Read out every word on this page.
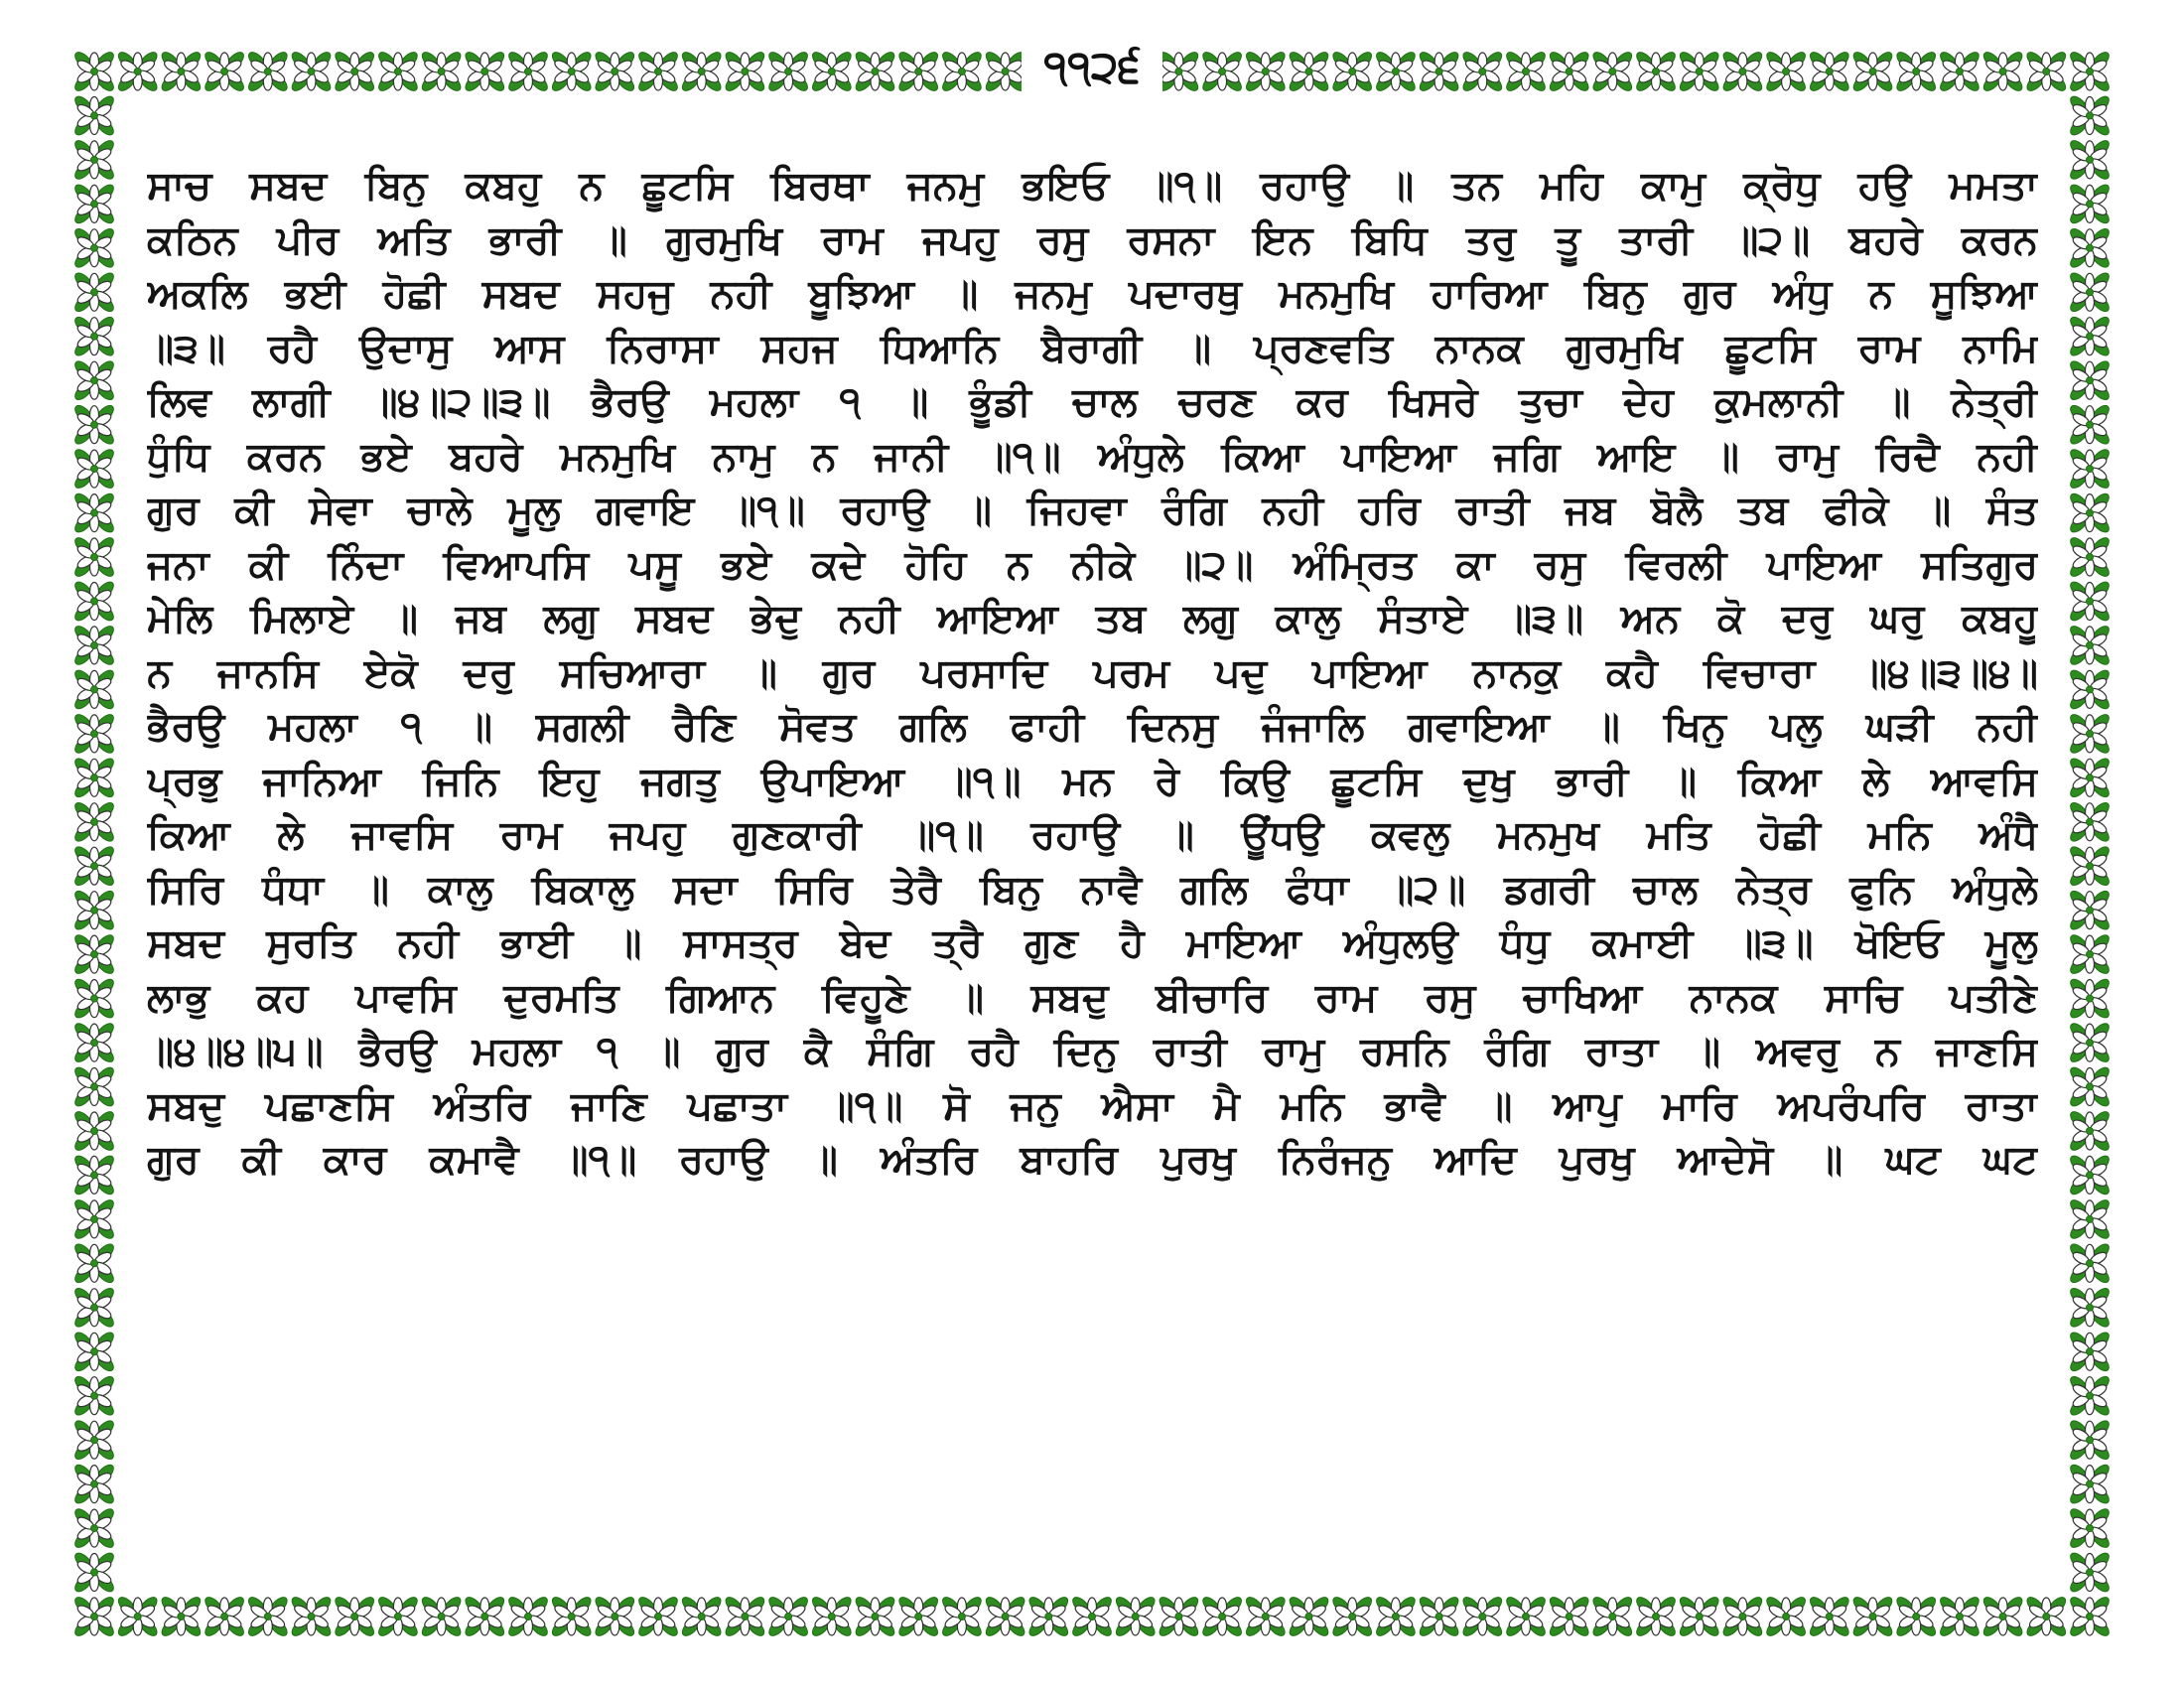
੧੧੨੬
ਸਾਚ ਸਬਦ ਬਿਨੁ ਕਬਹੁ ਨ ਛੂਟਸਿ ਬਿਰਥਾ ਜਨਮੁ ਭਇਓ ॥੧॥ ਰਹਾਉ ॥ ਤਨ ਮਹਿ ਕਾਮੁ ਕ੍ਰੋਧੁ ਹਉ ਮਮਤਾ
ਕਠਿਨ ਪੀਰ ਅਤਿ ਭਾਰੀ ॥ ਗੁਰਮੁਖਿ ਰਾਮ ਜਪਹੁ ਰਸੁ ਰਸਨਾ ਇਨ ਬਿਧਿ ਤਰੁ ਤੂ ਤਾਰੀ ॥੨॥ ਬਹਰੇ ਕਰਨ
ਅਕਲਿ ਭਈ ਹੋਛੀ ਸਬਦ ਸਹਜੁ ਨਹੀ ਬੂਝਿਆ ॥ ਜਨਮੁ ਪਦਾਰਥੁ ਮਨਮੁਖਿ ਹਾਰਿਆ ਬਿਨੁ ਗੁਰ ਅੰਧੁ ਨ ਸੂਝਿਆ
॥੩॥ ਰਹੈ ਉਦਾਸੁ ਆਸ ਨਿਰਾਸਾ ਸਹਜ ਧਿਆਨਿ ਬੈਰਾਗੀ ॥ ਪ੍ਰਣਵਤਿ ਨਾਨਕ ਗੁਰਮੁਖਿ ਛੂਟਸਿ ਰਾਮ ਨਾਮਿ
ਲਿਵ ਲਾਗੀ ॥੪॥੨॥੩॥ ਭੈਰਉ ਮਹਲਾ ੧ ॥ ਭੂੰਡੀ ਚਾਲ ਚਰਣ ਕਰ ਖਿਸਰੇ ਤੁਚਾ ਦੇਹ ਕੁਮਲਾਨੀ ॥ ਨੇਤ੍ਰੀ
ਧੁੰਧਿ ਕਰਨ ਭਏ ਬਹਰੇ ਮਨਮੁਖਿ ਨਾਮੁ ਨ ਜਾਨੀ ॥੧॥ ਅੰਧੁਲੇ ਕਿਆ ਪਾਇਆ ਜਗਿ ਆਇ ॥ ਰਾਮੁ ਰਿਦੈ ਨਹੀ
ਗੁਰ ਕੀ ਸੇਵਾ ਚਾਲੇ ਮੂਲੁ ਗਵਾਇ ॥੧॥ ਰਹਾਉ ॥ ਜਿਹਵਾ ਰੰਗਿ ਨਹੀ ਹਰਿ ਰਾਤੀ ਜਬ ਬੋਲੈ ਤਬ ਫੀਕੇ ॥ ਸੰਤ
ਜਨਾ ਕੀ ਨਿੰਦਾ ਵਿਆਪਸਿ ਪਸੂ ਭਏ ਕਦੇ ਹੋਹਿ ਨ ਨੀਕੇ ॥੨॥ ਅੰਮ੍ਰਿਤ ਕਾ ਰਸੁ ਵਿਰਲੀ ਪਾਇਆ ਸਤਿਗੁਰ
ਮੇਲਿ ਮਿਲਾਏ ॥ ਜਬ ਲਗੁ ਸਬਦ ਭੇਦੁ ਨਹੀ ਆਇਆ ਤਬ ਲਗੁ ਕਾਲੁ ਸੰਤਾਏ ॥੩॥ ਅਨ ਕੋ ਦਰੁ ਘਰੁ ਕਬਹੂ
ਨ ਜਾਨਸਿ ਏਕੋ ਦਰੁ ਸਚਿਆਰਾ ॥ ਗੁਰ ਪਰਸਾਦਿ ਪਰਮ ਪਦੁ ਪਾਇਆ ਨਾਨਕੁ ਕਹੈ ਵਿਚਾਰਾ ॥੪॥੩॥੪॥
ਭੈਰਉ ਮਹਲਾ ੧ ॥ ਸਗਲੀ ਰੈਣਿ ਸੋਵਤ ਗਲਿ ਫਾਹੀ ਦਿਨਸੁ ਜੰਜਾਲਿ ਗਵਾਇਆ ॥ ਖਿਨੁ ਪਲੁ ਘੜੀ ਨਹੀ
ਪ੍ਰਭੁ ਜਾਨਿਆ ਜਿਨਿ ਇਹੁ ਜਗਤੁ ਉਪਾਇਆ ॥੧॥ ਮਨ ਰੇ ਕਿਉ ਛੂਟਸਿ ਦੁਖੁ ਭਾਰੀ ॥ ਕਿਆ ਲੇ ਆਵਸਿ
ਕਿਆ ਲੇ ਜਾਵਸਿ ਰਾਮ ਜਪਹੁ ਗੁਣਕਾਰੀ ॥੧॥ ਰਹਾਉ ॥ ਊਂਧਉ ਕਵਲੁ ਮਨਮੁਖ ਮਤਿ ਹੋਛੀ ਮਨਿ ਅੰਧੈ
ਸਿਰਿ ਧੰਧਾ ॥ ਕਾਲੁ ਬਿਕਾਲੁ ਸਦਾ ਸਿਰਿ ਤੇਰੈ ਬਿਨੁ ਨਾਵੈ ਗਲਿ ਫੰਧਾ ॥੨॥ ਡਗਰੀ ਚਾਲ ਨੇਤ੍ਰ ਫੁਨਿ ਅੰਧੁਲੇ
ਸਬਦ ਸੁਰਤਿ ਨਹੀ ਭਾਈ ॥ ਸਾਸਤ੍ਰ ਬੇਦ ਤ੍ਰੈ ਗੁਣ ਹੈ ਮਾਇਆ ਅੰਧੁਲਉ ਧੰਧੁ ਕਮਾਈ ॥੩॥ ਖੋਇਓ ਮੂਲੁ
ਲਾਭੁ ਕਹ ਪਾਵਸਿ ਦੁਰਮਤਿ ਗਿਆਨ ਵਿਹੂਣੇ ॥ ਸਬਦੁ ਬੀਚਾਰਿ ਰਾਮ ਰਸੁ ਚਾਖਿਆ ਨਾਨਕ ਸਾਚਿ ਪਤੀਣੇ
॥੪॥੪॥੫॥ ਭੈਰਉ ਮਹਲਾ ੧ ॥ ਗੁਰ ਕੈ ਸੰਗਿ ਰਹੈ ਦਿਨੁ ਰਾਤੀ ਰਾਮੁ ਰਸਨਿ ਰੰਗਿ ਰਾਤਾ ॥ ਅਵਰੁ ਨ ਜਾਣਸਿ
ਸਬਦੁ ਪਛਾਣਸਿ ਅੰਤਰਿ ਜਾਣਿ ਪਛਾਤਾ ॥੧॥ ਸੋ ਜਨੁ ਐਸਾ ਮੈ ਮਨਿ ਭਾਵੈ ॥ ਆਪੁ ਮਾਰਿ ਅਪਰੰਪਰਿ ਰਾਤਾ
ਗੁਰ ਕੀ ਕਾਰ ਕਮਾਵੈ ॥੧॥ ਰਹਾਉ ॥ ਅੰਤਰਿ ਬਾਹਰਿ ਪੁਰਖੁ ਨਿਰੰਜਨੁ ਆਦਿ ਪੁਰਖੁ ਆਦੇਸੋ ॥ ਘਟ ਘਟ
